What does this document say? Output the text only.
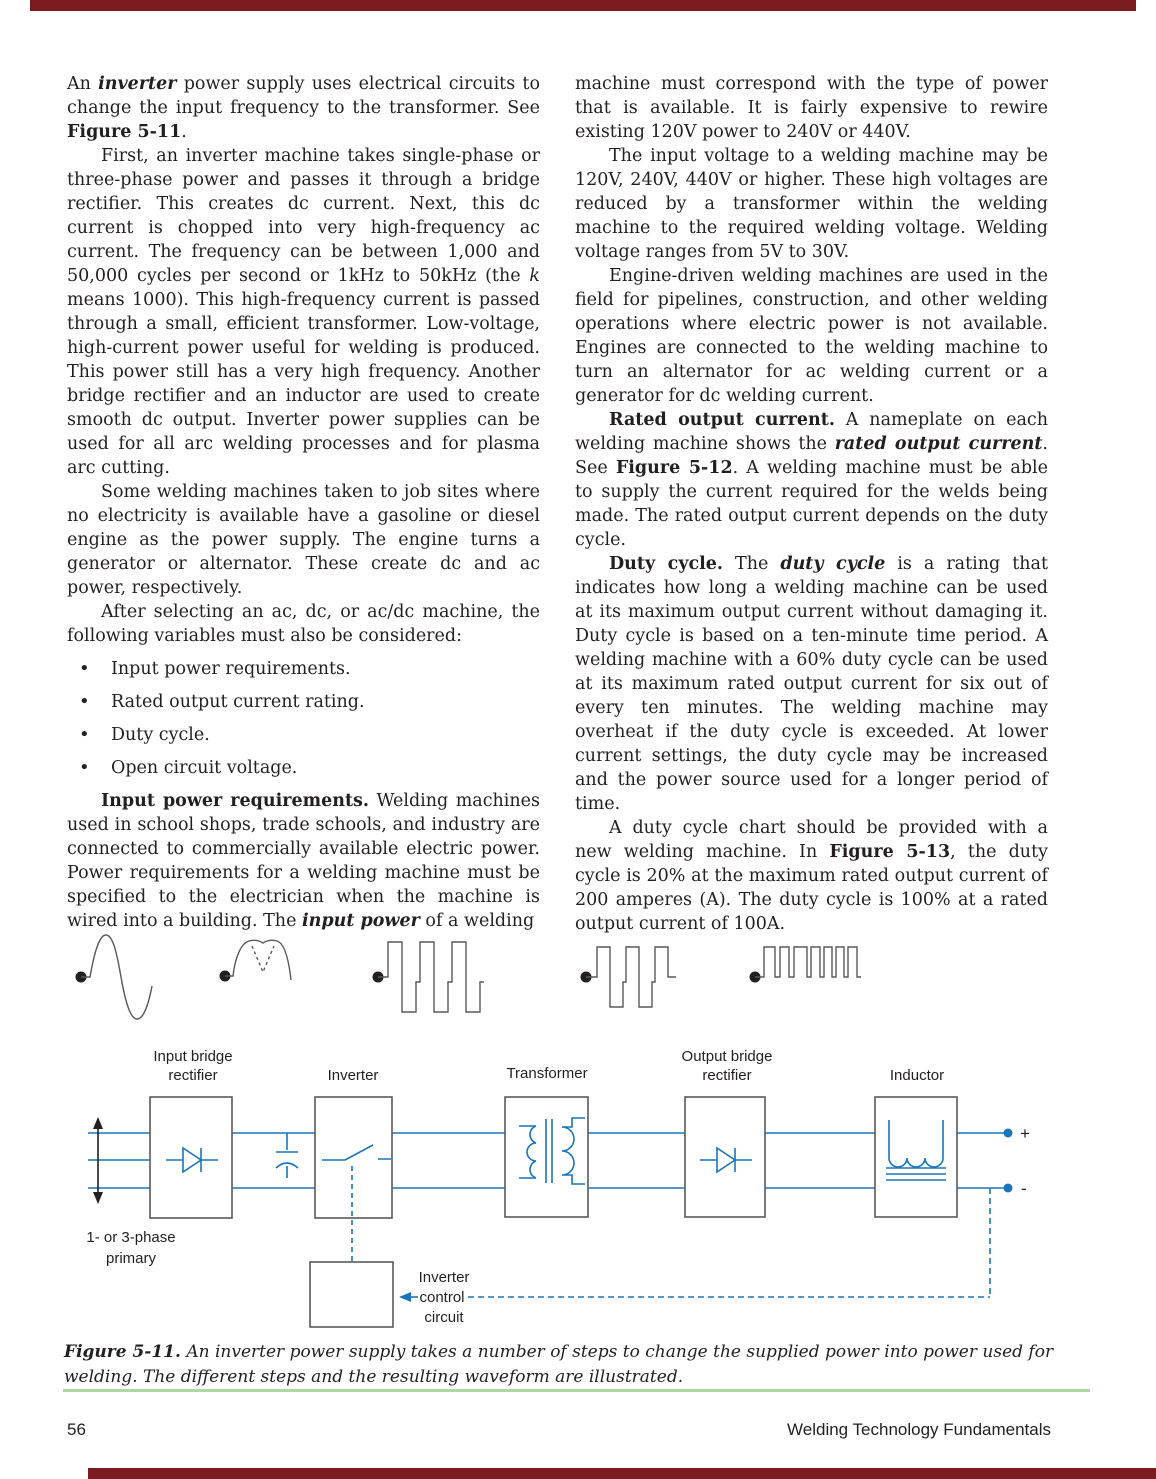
An inverter power supply uses electrical circuits to change the input frequency to the transformer. See Figure 5-11.

First, an inverter machine takes single-phase or three-phase power and passes it through a bridge rectifier. This creates dc current. Next, this dc current is chopped into very high-frequency ac current. The frequency can be between 1,000 and 50,000 cycles per second or 1kHz to 50kHz (the k means 1000). This high-frequency current is passed through a small, efficient transformer. Low-voltage, high-current power useful for welding is produced. This power still has a very high frequency. Another bridge rectifier and an inductor are used to create smooth dc output. Inverter power supplies can be used for all arc welding processes and for plasma arc cutting.

Some welding machines taken to job sites where no electricity is available have a gasoline or diesel engine as the power supply. The engine turns a generator or alternator. These create dc and ac power, respectively.

After selecting an ac, dc, or ac/dc machine, the following variables must also be considered:

• Input power requirements.
• Rated output current rating.
• Duty cycle.
• Open circuit voltage.

Input power requirements. Welding machines used in school shops, trade schools, and industry are connected to commercially available electric power. Power requirements for a welding machine must be specified to the electrician when the machine is wired into a building. The input power of a welding

machine must correspond with the type of power that is available. It is fairly expensive to rewire existing 120V power to 240V or 440V.

The input voltage to a welding machine may be 120V, 240V, 440V or higher. These high voltages are reduced by a transformer within the welding machine to the required welding voltage. Welding voltage ranges from 5V to 30V.

Engine-driven welding machines are used in the field for pipelines, construction, and other welding operations where electric power is not available. Engines are connected to the welding machine to turn an alternator for ac welding current or a generator for dc welding current.

Rated output current. A nameplate on each welding machine shows the rated output current. See Figure 5-12. A welding machine must be able to supply the current required for the welds being made. The rated output current depends on the duty cycle.

Duty cycle. The duty cycle is a rating that indicates how long a welding machine can be used at its maximum output current without damaging it. Duty cycle is based on a ten-minute time period. A welding machine with a 60% duty cycle can be used at its maximum rated output current for six out of every ten minutes. The welding machine may overheat if the duty cycle is exceeded. At lower current settings, the duty cycle may be increased and the power source used for a longer period of time.

A duty cycle chart should be provided with a new welding machine. In Figure 5-13, the duty cycle is 20% at the maximum rated output current of 200 amperes (A). The duty cycle is 100% at a rated output current of 100A.

Input bridge
rectifier	Inverter	Transformer
Output bridge
rectifier	Inductor
1- or 3-phase
primary
+
-
Inverter
control
circuit
Figure 5-11. An inverter power supply takes a number of steps to change the supplied power into power used for welding. The different steps and the resulting waveform are illustrated.
56	Welding Technology Fundamentals
